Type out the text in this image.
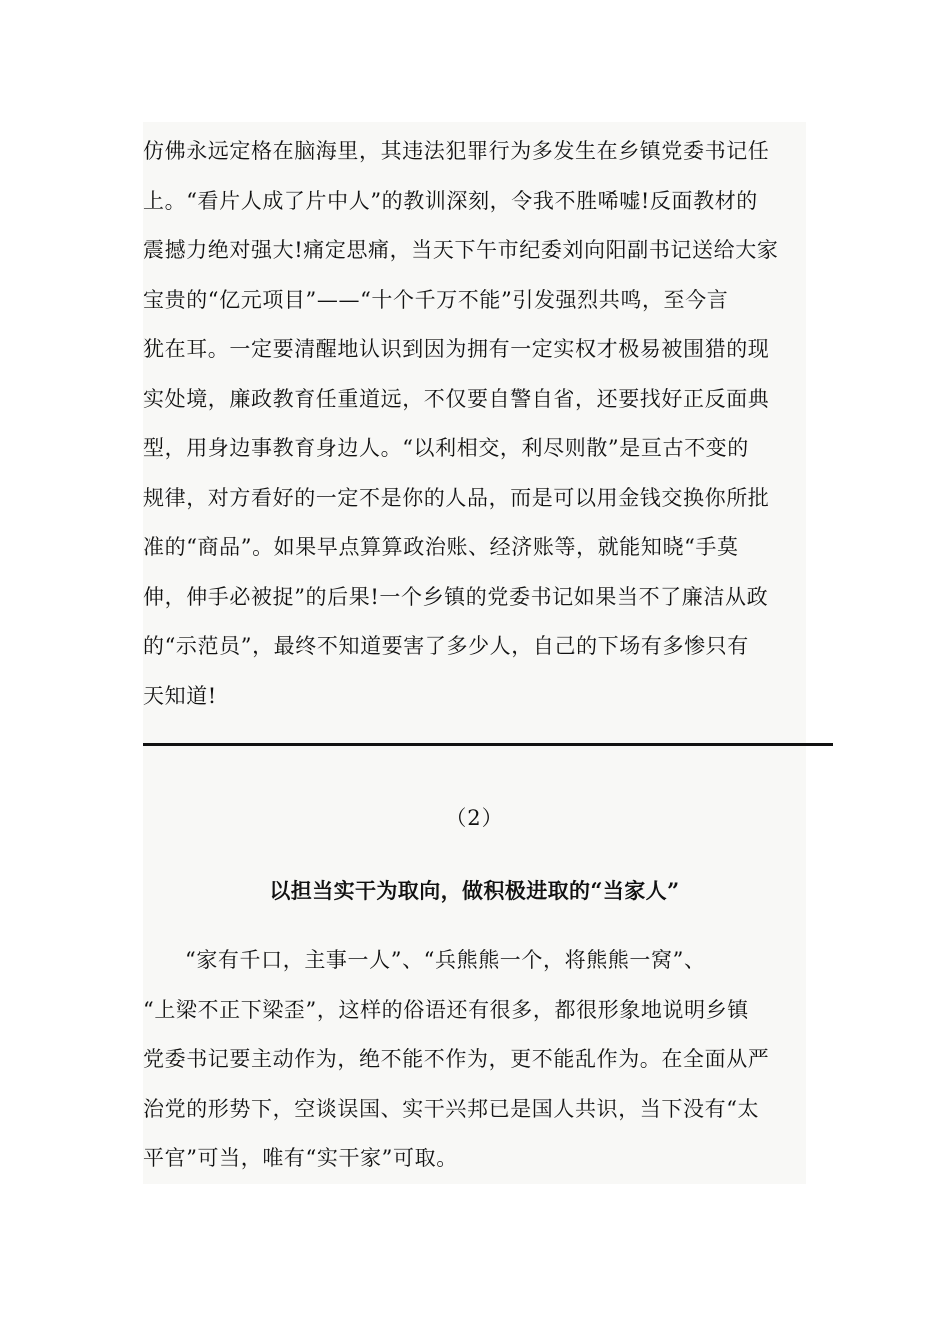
仿佛永远定格在脑海里，其违法犯罪行为多发生在乡镇党委书记任
上。“看片人成了片中人”的教训深刻，令我不胜唏嘘!反面教材的
震撼力绝对强大!痛定思痛，当天下午市纪委刘向阳副书记送给大家
宝贵的“亿元项目”——“十个千万不能”引发强烈共鸣，至今言
犹在耳。一定要清醒地认识到因为拥有一定实权才极易被围猎的现
实处境，廉政教育任重道远，不仅要自警自省，还要找好正反面典
型，用身边事教育身边人。“以利相交，利尽则散”是亘古不变的
规律，对方看好的一定不是你的人品，而是可以用金钱交换你所批
准的“商品”。如果早点算算政治账、经济账等，就能知晓“手莫
伸，伸手必被捉”的后果!一个乡镇的党委书记如果当不了廉洁从政
的“示范员”，最终不知道要害了多少人，自己的下场有多惨只有
天知道!
（2）
以担当实干为取向，做积极进取的“当家人”
“家有千口，主事一人”、“兵熊熊一个，将熊熊一窝”、
“上梁不正下梁歪”，这样的俗语还有很多，都很形象地说明乡镇
党委书记要主动作为，绝不能不作为，更不能乱作为。在全面从严
治党的形势下，空谈误国、实干兴邦已是国人共识，当下没有“太
平官”可当，唯有“实干家”可取。
